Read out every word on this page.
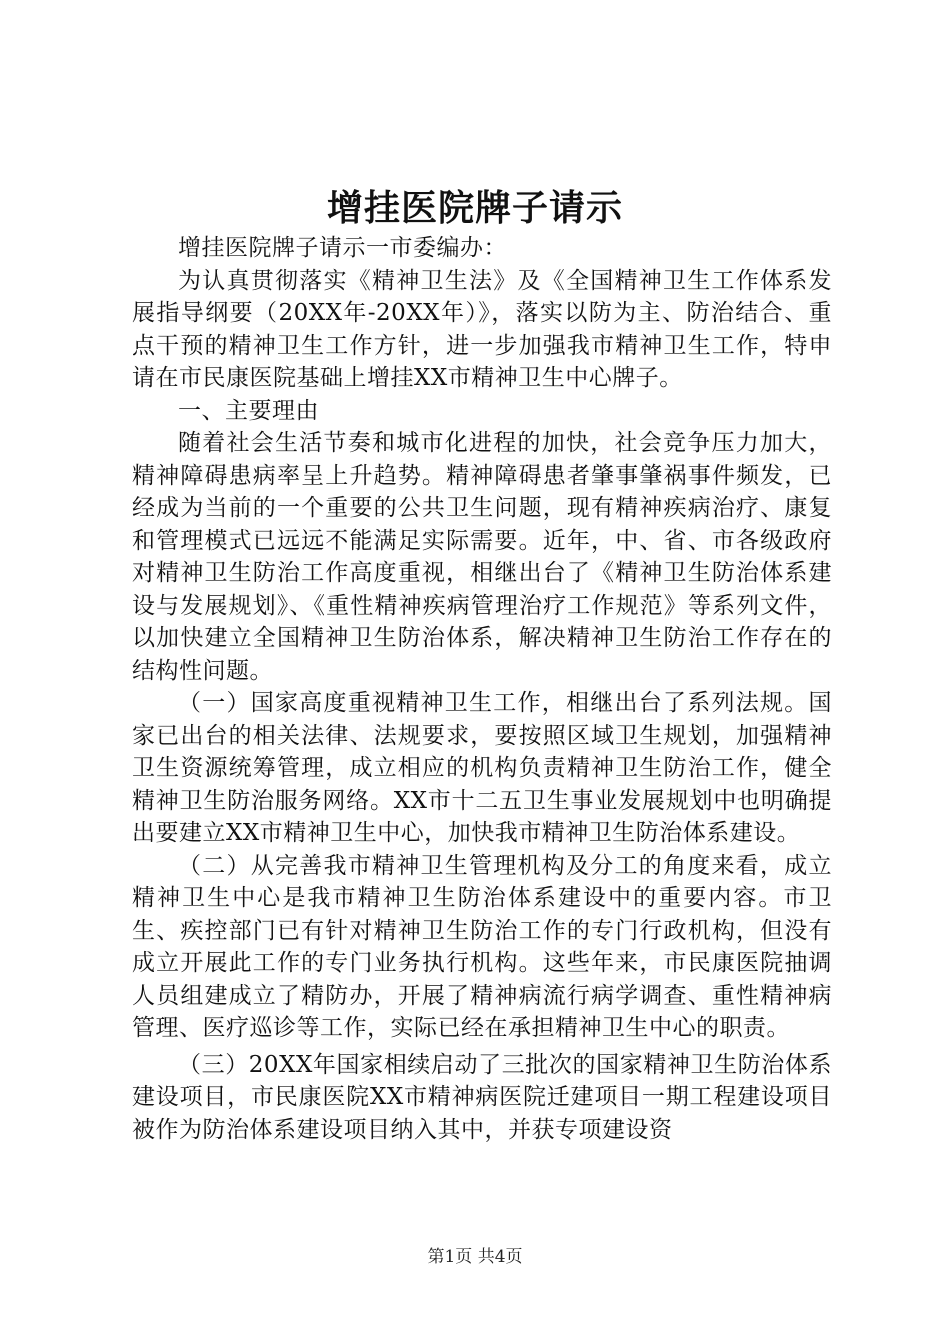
增挂医院牌子请示

增挂医院牌子请示一市委编办：

为认真贯彻落实《精神卫生法》及《全国精神卫生工作体系发展指导纲要（20XX年-20XX年）》，落实以防为主、防治结合、重点干预的精神卫生工作方针，进一步加强我市精神卫生工作，特申请在市民康医院基础上增挂XX市精神卫生中心牌子。

一、主要理由

随着社会生活节奏和城市化进程的加快，社会竞争压力加大，精神障碍患病率呈上升趋势。精神障碍患者肇事肇祸事件频发，已经成为当前的一个重要的公共卫生问题，现有精神疾病治疗、康复和管理模式已远远不能满足实际需要。近年，中、省、市各级政府对精神卫生防治工作高度重视，相继出台了《精神卫生防治体系建设与发展规划》、《重性精神疾病管理治疗工作规范》等系列文件，以加快建立全国精神卫生防治体系，解决精神卫生防治工作存在的结构性问题。

（一）国家高度重视精神卫生工作，相继出台了系列法规。国家已出台的相关法律、法规要求，要按照区域卫生规划，加强精神卫生资源统筹管理，成立相应的机构负责精神卫生防治工作，健全精神卫生防治服务网络。XX市十二五卫生事业发展规划中也明确提出要建立XX市精神卫生中心，加快我市精神卫生防治体系建设。

（二）从完善我市精神卫生管理机构及分工的角度来看，成立精神卫生中心是我市精神卫生防治体系建设中的重要内容。市卫生、疾控部门已有针对精神卫生防治工作的专门行政机构，但没有成立开展此工作的专门业务执行机构。这些年来，市民康医院抽调人员组建成立了精防办，开展了精神病流行病学调查、重性精神病管理、医疗巡诊等工作，实际已经在承担精神卫生中心的职责。

（三）20XX年国家相续启动了三批次的国家精神卫生防治体系建设项目，市民康医院XX市精神病医院迁建项目一期工程建设项目被作为防治体系建设项目纳入其中，并获专项建设资

第1页 共4页
